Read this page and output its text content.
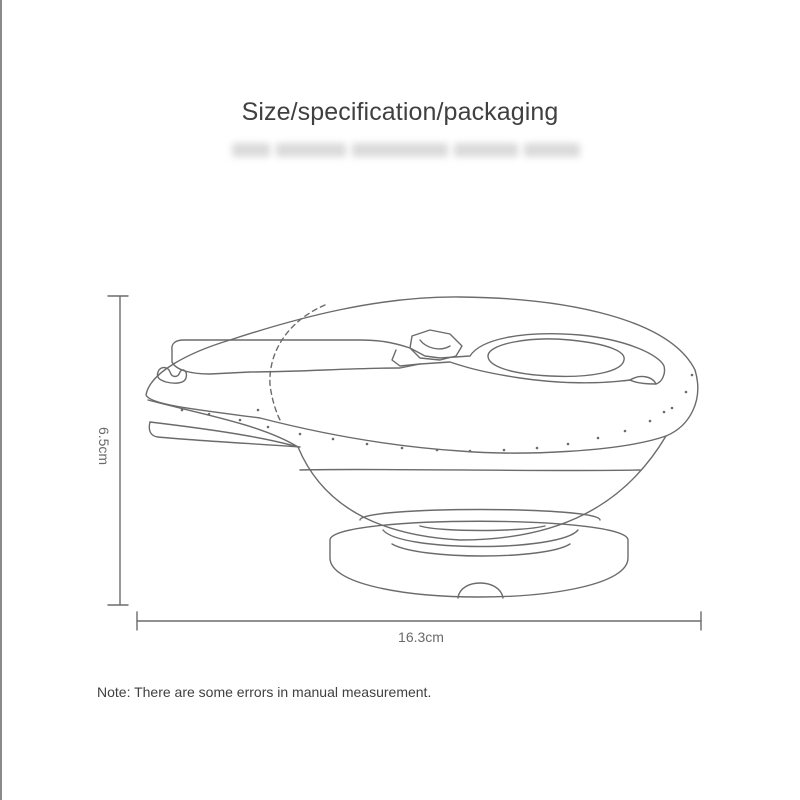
Size/specification/packaging
6.5cm
16.3cm
Note: There are some errors in manual measurement.
